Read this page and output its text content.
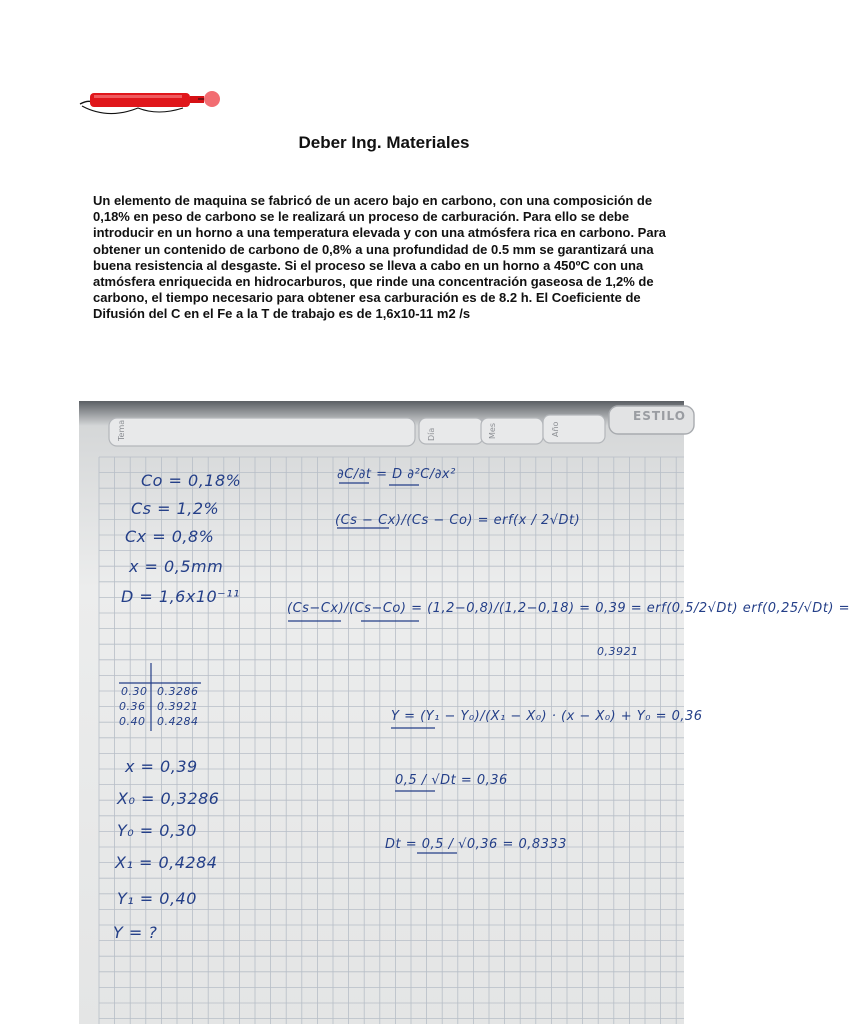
Deber Ing. Materiales

Un elemento de maquina se fabricó de un acero bajo en carbono, con una composición de 0,18% en peso de carbono se le realizará un proceso de carburación. Para ello se debe introducir en un horno a una temperatura elevada y con una atmósfera rica en carbono. Para obtener un contenido de carbono de 0,8% a una profundidad de 0.5 mm se garantizará una buena resistencia al desgaste. Si el proceso se lleva a cabo en un horno a 450ºC con una atmósfera enriquecida en hidrocarburos, que rinde una concentración gaseosa de 1,2% de carbono, el tiempo necesario para obtener esa carburación es de 8.2 h. El Coeficiente de Difusión del C en el Fe a la T de trabajo es de 1,6x10-11 m2 /s

Tema	Día	Mes	Año
ESTILO
Co = 0,18%
Cs = 1,2%
Cx = 0,8%
x = 0,5mm
D = 1,6x10⁻¹¹
∂C/∂t = D ∂²C/∂x²
(Cs − Cx)/(Cs − Co) = erf(x / 2√Dt)
(Cs−Cx)/(Cs−Co) = (1,2−0,8)/(1,2−0,18) = 0,39 = erf(0,5/2√Dt) erf(0,25/√Dt) =
0,3921
0.30 0.3286
0.36 0.3921
0.40 0.4284
x = 0,39
X₀ = 0,3286
Y₀ = 0,30
X₁ = 0,4284
Y₁ = 0,40
Y = ?
Y = (Y₁ − Y₀)/(X₁ − X₀) · (x − X₀) + Y₀ = 0,36
0,5 / √Dt = 0,36
Dt = 0,5 / √0,36 = 0,8333
